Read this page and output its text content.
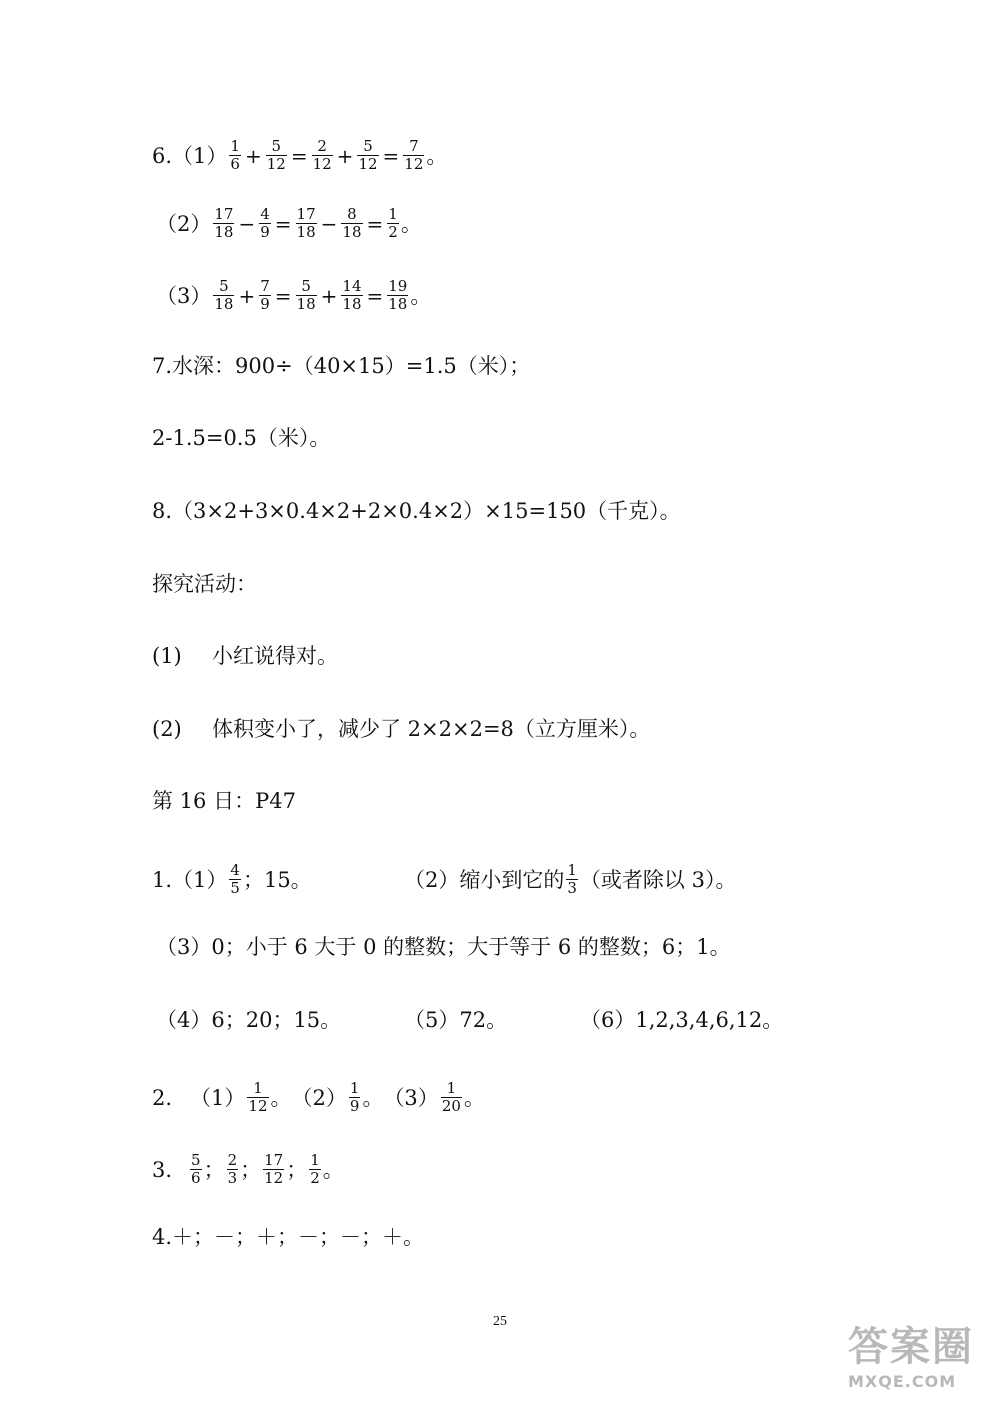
$6.(1) \frac{1}{6} + \frac{5}{12} = \frac{2}{12} + \frac{5}{12} = \frac{7}{12}$ 。
$(2) \frac{17}{18} - \frac{4}{9} = \frac{17}{18} - \frac{8}{18} = \frac{1}{2}$ 。
$(3) \frac{5}{18} + \frac{7}{9} = \frac{5}{18} + \frac{14}{18} = \frac{19}{18}$ 。
7.水深：900÷（40×15）=1.5（米）；
2-1.5=0.5（米）。
8.（3×2+3×0.4×2+2×0.4×2）×15=150（千克）。
探究活动：
(1)	小红说得对。
(2)	体积变小了，减少了 2×2×2=8（立方厘米）。
第 16 日：P47
$1.(1) \frac{4}{5}$ ；15。	（2）缩小到它的 $\frac{1}{3}$ （或者除以 3）。
（3）0；小于 6 大于 0 的整数；大于等于 6 的整数；6；1。
（4）6；20；15。	（5）72。	（6）1,2,3,4,6,12。
2. $(1) \frac{1}{12}$ 。 $(2) \frac{1}{9}$ 。 $(3) \frac{1}{20}$ 。
3. $\frac{5}{6}$ ； $\frac{2}{3}$ ； $\frac{17}{12}$ ； $\frac{1}{2}$ 。
4.＋；－；＋；－；－；＋。
25
答案圈
MXQE.COM
